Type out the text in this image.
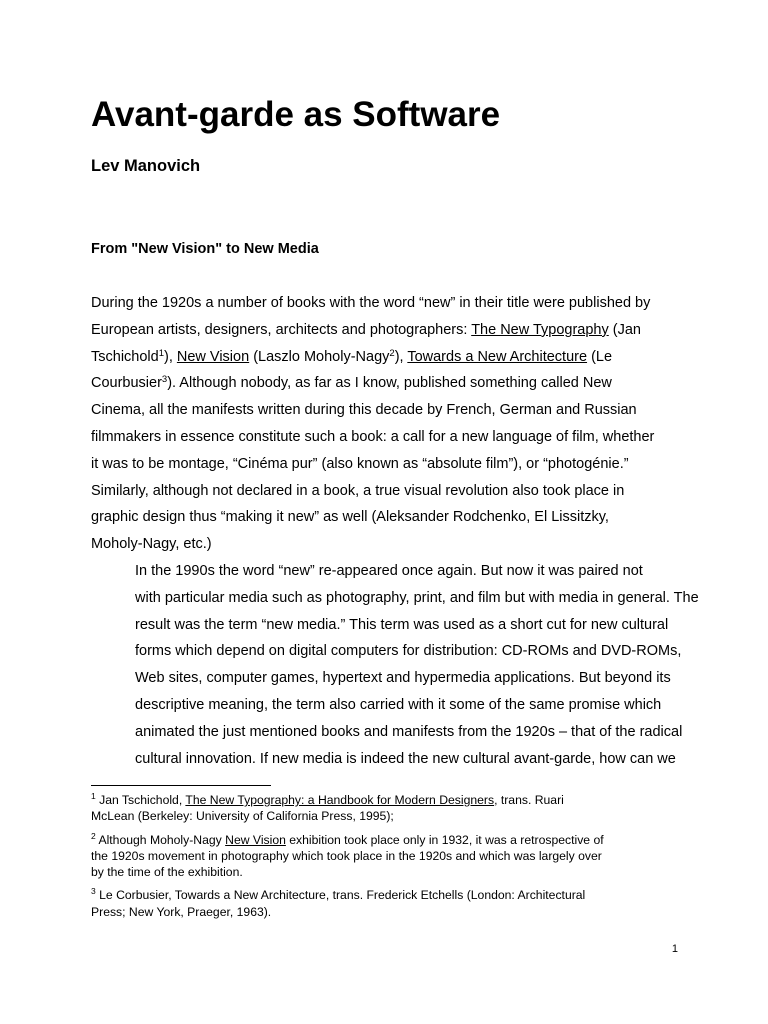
Avant-garde as Software
Lev Manovich
From "New Vision" to New Media

During the 1920s a number of books with the word “new” in their title were published by
European artists, designers, architects and photographers: The New Typography (Jan
Tschichold$^1$), New Vision (Laszlo Moholy-Nagy$^2$), Towards a New Architecture (Le
Courbusier$^3$). Although nobody, as far as I know, published something called New
Cinema, all the manifests written during this decade by French, German and Russian
filmmakers in essence constitute such a book: a call for a new language of film, whether
it was to be montage, “Cinéma pur” (also known as “absolute film”), or “photogénie.”
Similarly, although not declared in a book, a true visual revolution also took place in
graphic design thus “making it new” as well (Aleksander Rodchenko, El Lissitzky,
Moholy-Nagy, etc.)

In the 1990s the word “new” re-appeared once again. But now it was paired not
with particular media such as photography, print, and film but with media in general. The
result was the term “new media.” This term was used as a short cut for new cultural
forms which depend on digital computers for distribution: CD-ROMs and DVD-ROMs,
Web sites, computer games, hypertext and hypermedia applications. But beyond its
descriptive meaning, the term also carried with it some of the same promise which
animated the just mentioned books and manifests from the 1920s – that of the radical
cultural innovation. If new media is indeed the new cultural avant-garde, how can we

$^1$ Jan Tschichold, The New Typography: a Handbook for Modern Designers, trans. Ruari
McLean (Berkeley: University of California Press, 1995);
$^2$ Although Moholy-Nagy New Vision exhibition took place only in 1932, it was a retrospective of
the 1920s movement in photography which took place in the 1920s and which was largely over
by the time of the exhibition.
$^3$ Le Corbusier, Towards a New Architecture, trans. Frederick Etchells (London: Architectural
Press; New York, Praeger, 1963).
1
